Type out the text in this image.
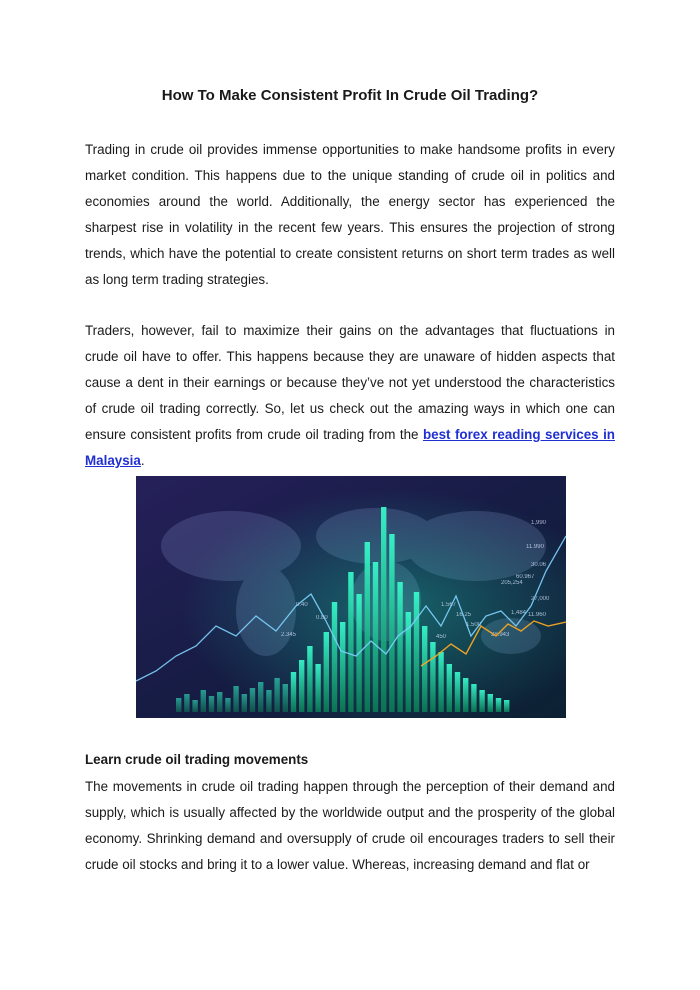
How To Make Consistent Profit In Crude Oil Trading?

Trading in crude oil provides immense opportunities to make handsome profits in every market condition. This happens due to the unique standing of crude oil in politics and economies around the world. Additionally, the energy sector has experienced the sharpest rise in volatility in the recent few years. This ensures the projection of strong trends, which have the potential to create consistent returns on short term trades as well as long term trading strategies.

Traders, however, fail to maximize their gains on the advantages that fluctuations in crude oil have to offer. This happens because they are unaware of hidden aspects that cause a dent in their earnings or because they’ve not yet understood the characteristics of crude oil trading correctly. So, let us check out the amazing ways in which one can ensure consistent profits from crude oil trading from the best forex reading services in Malaysia.

0.40
0.80
1.500
1,990
30.06
27,000
11.990
60.967
205,254
1,484 11.960
28.943
16.25
2.345	450
1.567
Learn crude oil trading movements

The movements in crude oil trading happen through the perception of their demand and supply, which is usually affected by the worldwide output and the prosperity of the global economy. Shrinking demand and oversupply of crude oil encourages traders to sell their crude oil stocks and bring it to a lower value. Whereas, increasing demand and flat or
